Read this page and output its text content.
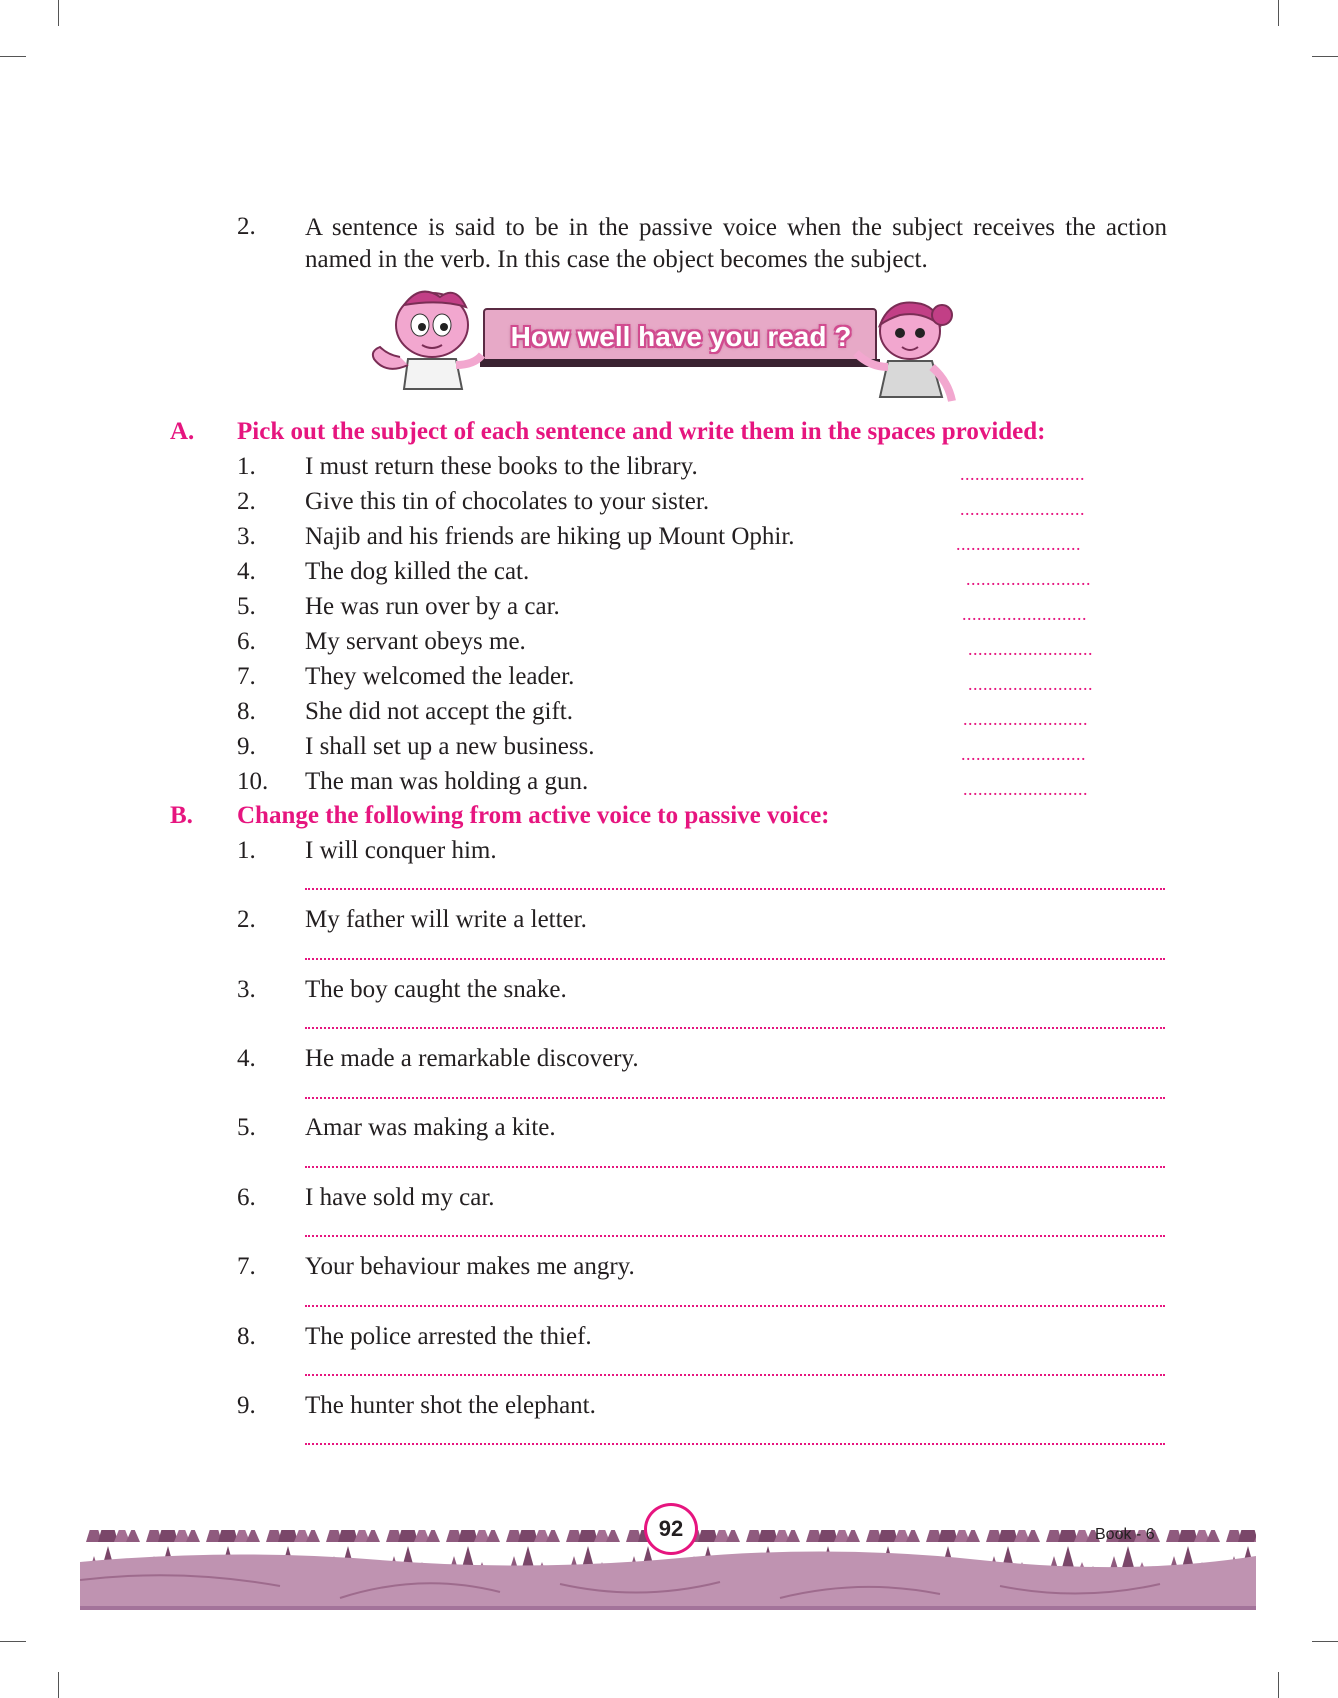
2. A sentence is said to be in the passive voice when the subject receives the action named in the verb. In this case the object becomes the subject.
How well have you read ?
A. Pick out the subject of each sentence and write them in the spaces provided:
1. I must return these books to the library.	.........................
2. Give this tin of chocolates to your sister.	.........................
3. Najib and his friends are hiking up Mount Ophir.	.........................
4. The dog killed the cat.	.........................
5. He was run over by a car.	.........................
6. My servant obeys me.	.........................
7. They welcomed the leader.	.........................
8. She did not accept the gift.	.........................
9. I shall set up a new business.	.........................
10. The man was holding a gun.	.........................
B. Change the following from active voice to passive voice:
1. I will conquer him.
2. My father will write a letter.
3. The boy caught the snake.
4. He made a remarkable discovery.
5. Amar was making a kite.
6. I have sold my car.
7. Your behaviour makes me angry.
8. The police arrested the thief.
9. The hunter shot the elephant.
92	Book - 6
